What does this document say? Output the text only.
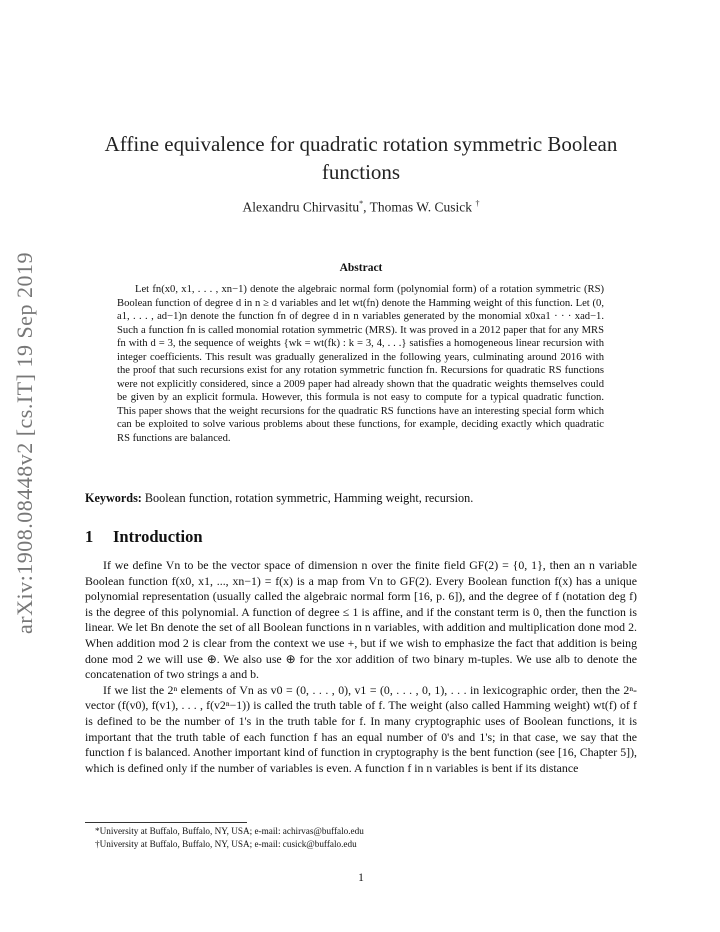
arXiv:1908.08448v2 [cs.IT] 19 Sep 2019
Affine equivalence for quadratic rotation symmetric Boolean functions
Alexandru Chirvasitu*, Thomas W. Cusick †
Abstract

Let fn(x0, x1, . . . , xn−1) denote the algebraic normal form (polynomial form) of a rotation symmetric (RS) Boolean function of degree d in n ≥ d variables and let wt(fn) denote the Hamming weight of this function. Let (0, a1, . . . , ad−1)n denote the function fn of degree d in n variables generated by the monomial x0xa1 · · · xad−1. Such a function fn is called monomial rotation symmetric (MRS). It was proved in a 2012 paper that for any MRS fn with d = 3, the sequence of weights {wk = wt(fk) : k = 3, 4, . . .} satisfies a homogeneous linear recursion with integer coefficients. This result was gradually generalized in the following years, culminating around 2016 with the proof that such recursions exist for any rotation symmetric function fn. Recursions for quadratic RS functions were not explicitly considered, since a 2009 paper had already shown that the quadratic weights themselves could be given by an explicit formula. However, this formula is not easy to compute for a typical quadratic function. This paper shows that the weight recursions for the quadratic RS functions have an interesting special form which can be exploited to solve various problems about these functions, for example, deciding exactly which quadratic RS functions are balanced.

Keywords: Boolean function, rotation symmetric, Hamming weight, recursion.
1 Introduction

If we define Vn to be the vector space of dimension n over the finite field GF(2) = {0, 1}, then an n variable Boolean function f(x0, x1, ..., xn−1) = f(x) is a map from Vn to GF(2). Every Boolean function f(x) has a unique polynomial representation (usually called the algebraic normal form [16, p. 6]), and the degree of f (notation deg f) is the degree of this polynomial. A function of degree ≤ 1 is affine, and if the constant term is 0, then the function is linear. We let Bn denote the set of all Boolean functions in n variables, with addition and multiplication done mod 2. When addition mod 2 is clear from the context we use +, but if we wish to emphasize the fact that addition is being done mod 2 we will use ⊕. We also use ⊕ for the xor addition of two binary m-tuples. We use a‖b to denote the concatenation of two strings a and b.

If we list the 2ⁿ elements of Vn as v0 = (0, . . . , 0), v1 = (0, . . . , 0, 1), . . . in lexicographic order, then the 2ⁿ-vector (f(v0), f(v1), . . . , f(v2ⁿ−1)) is called the truth table of f. The weight (also called Hamming weight) wt(f) of f is defined to be the number of 1's in the truth table for f. In many cryptographic uses of Boolean functions, it is important that the truth table of each function f has an equal number of 0's and 1's; in that case, we say that the function f is balanced. Another important kind of function in cryptography is the bent function (see [16, Chapter 5]), which is defined only if the number of variables is even. A function f in n variables is bent if its distance

*University at Buffalo, Buffalo, NY, USA; e-mail: achirvas@buffalo.edu
†University at Buffalo, Buffalo, NY, USA; e-mail: cusick@buffalo.edu
1
